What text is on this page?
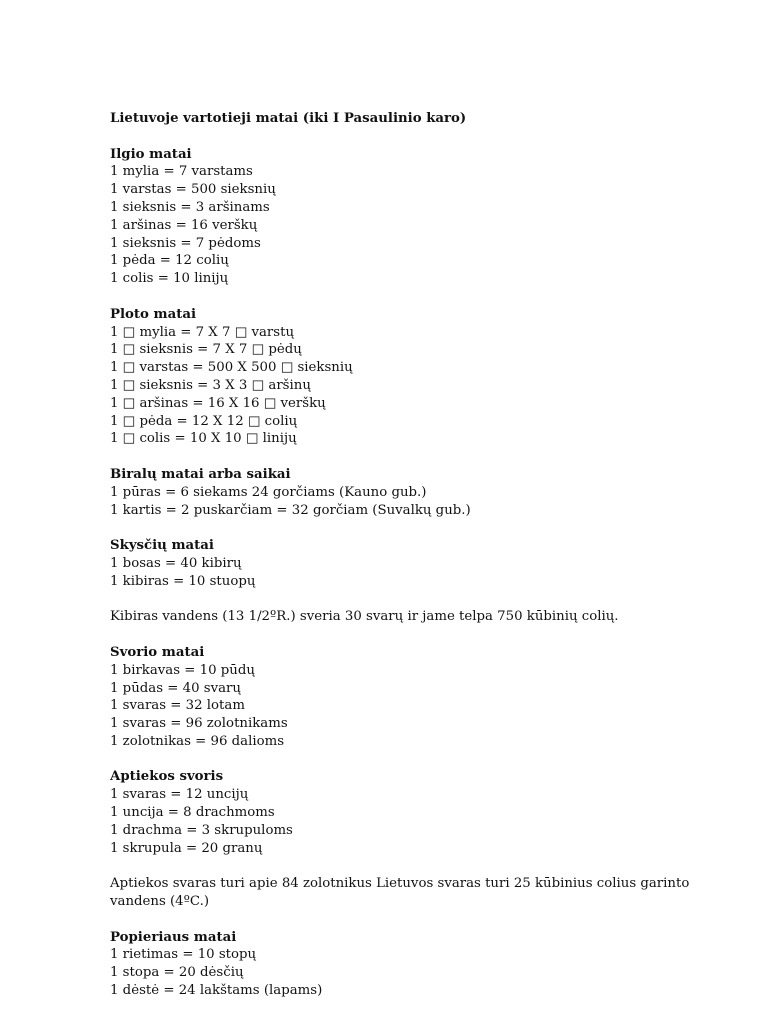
Lietuvoje vartotieji matai (iki I Pasaulinio karo)
Ilgio matai
1 mylia = 7 varstams
1 varstas = 500 sieksnių
1 sieksnis = 3 aršinams
1 aršinas = 16 verškų
1 sieksnis = 7 pėdoms
1 pėda = 12 colių
1 colis = 10 linijų
Ploto matai
1 □ mylia = 7 X 7 □ varstų
1 □ sieksnis = 7 X 7 □ pėdų
1 □ varstas = 500 X 500 □ sieksnių
1 □ sieksnis = 3 X 3 □ aršinų
1 □ aršinas = 16 X 16 □ verškų
1 □ pėda = 12 X 12 □ colių
1 □ colis = 10 X 10 □ linijų
Biralų matai arba saikai
1 pūras = 6 siekams 24 gorčiams (Kauno gub.)
1 kartis = 2 puskarčiam = 32 gorčiam (Suvalkų gub.)
Skysčių matai
1 bosas = 40 kibirų
1 kibiras = 10 stuopų
Kibiras vandens (13 1/2ºR.) sveria 30 svarų ir jame telpa 750 kūbinių colių.
Svorio matai
1 birkavas = 10 pūdų
1 pūdas = 40 svarų
1 svaras = 32 lotam
1 svaras = 96 zolotnikams
1 zolotnikas = 96 dalioms
Aptiekos svoris
1 svaras = 12 uncijų
1 uncija = 8 drachmoms
1 drachma = 3 skrupuloms
1 skrupula = 20 granų
Aptiekos svaras turi apie 84 zolotnikus Lietuvos svaras turi 25 kūbinius colius garinto vandens (4ºC.)
Popieriaus matai
1 rietimas = 10 stopų
1 stopa = 20 dėsčių
1 dėstė = 24 lakštams (lapams)
